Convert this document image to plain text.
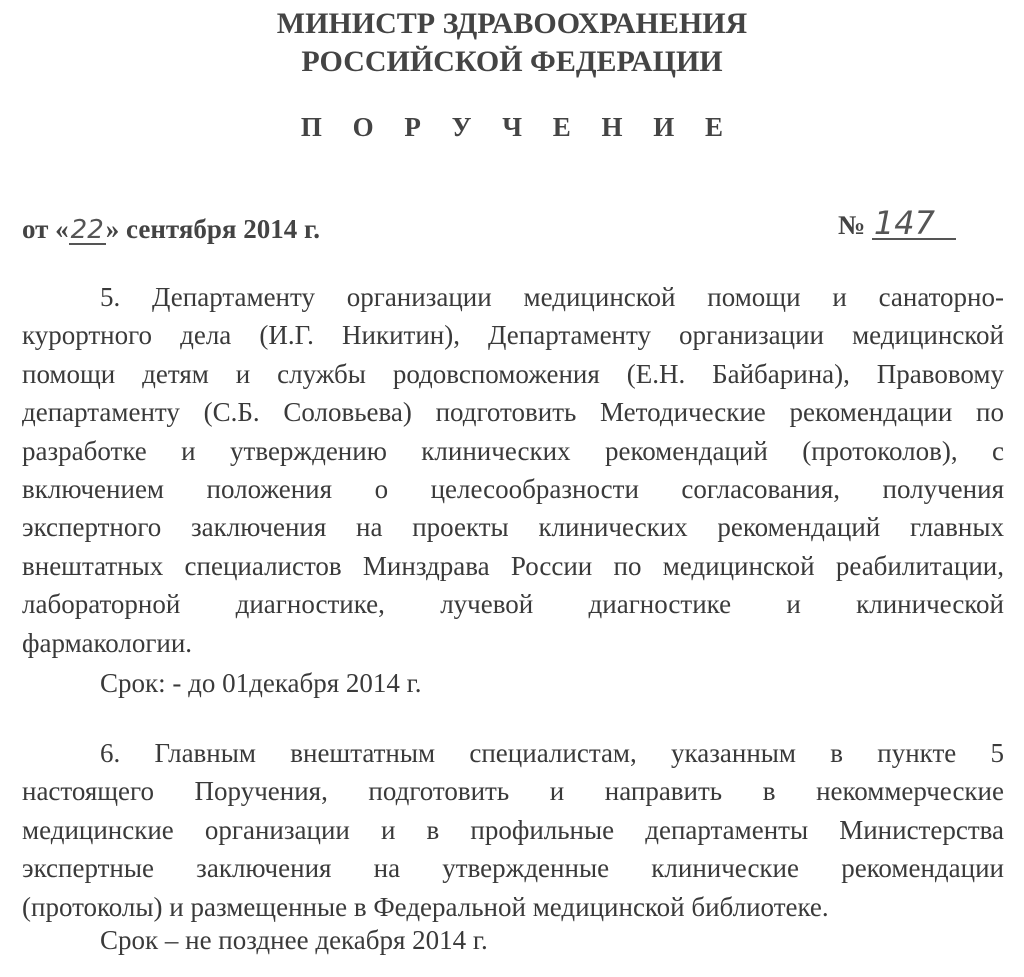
МИНИСТР ЗДРАВООХРАНЕНИЯ
РОССИЙСКОЙ ФЕДЕРАЦИИ
П О Р У Ч Е Н И Е
от «22» сентября 2014 г.	№ 147
5. Департаменту организации медицинской помощи и санаторно-
курортного дела (И.Г. Никитин), Департаменту организации медицинской
помощи детям и службы родовспоможения (Е.Н. Байбарина), Правовому
департаменту (С.Б. Соловьева) подготовить Методические рекомендации по
разработке и утверждению клинических рекомендаций (протоколов), с
включением положения о целесообразности согласования, получения
экспертного заключения на проекты клинических рекомендаций главных
внештатных специалистов Минздрава России по медицинской реабилитации,
лабораторной диагностике, лучевой диагностике и клинической
фармакологии.
Срок: - до 01декабря 2014 г.
6. Главным внештатным специалистам, указанным в пункте 5
настоящего Поручения, подготовить и направить в некоммерческие
медицинские организации и в профильные департаменты Министерства
экспертные заключения на утвержденные клинические рекомендации
(протоколы) и размещенные в Федеральной медицинской библиотеке.
Срок – не позднее декабря 2014 г.
